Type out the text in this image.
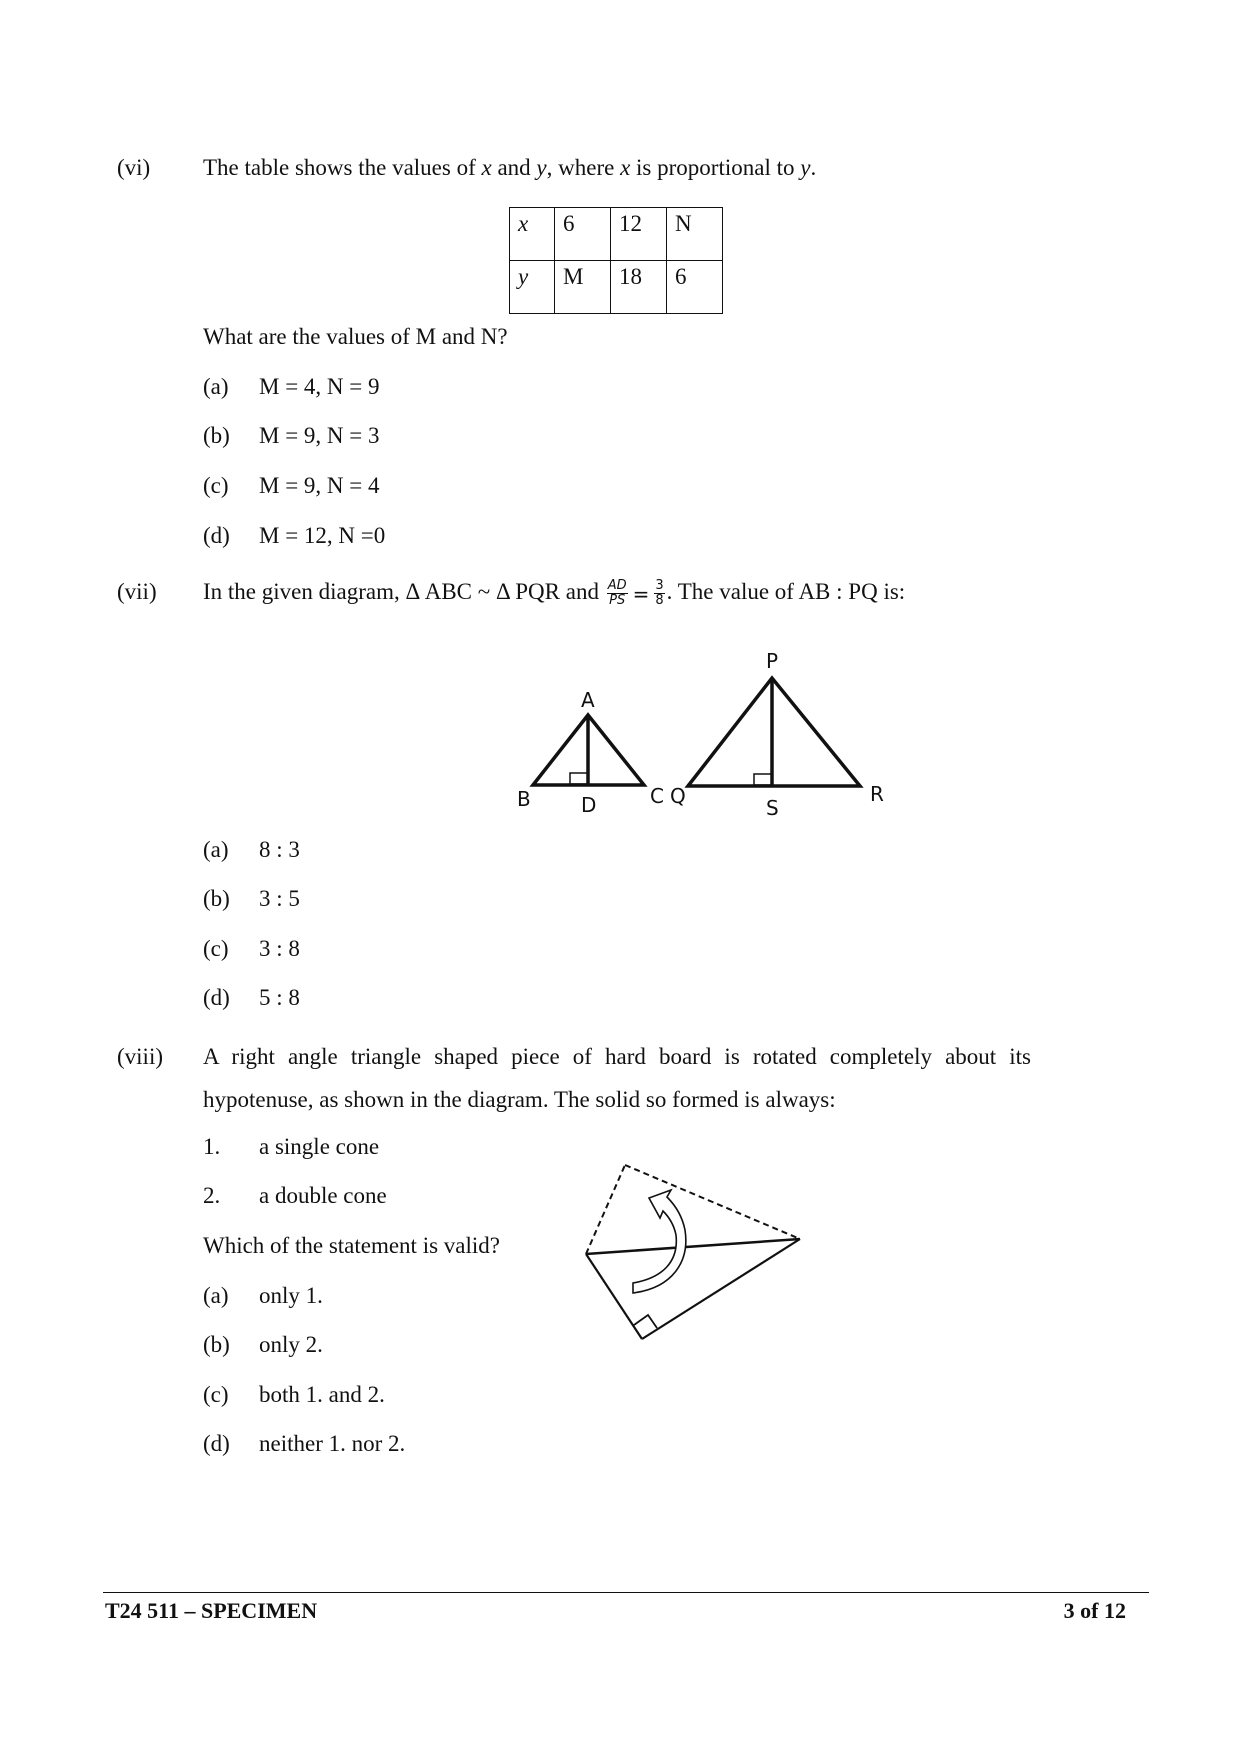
(vi) The table shows the values of x and y, where x is proportional to y.
x	6	12	N
y	M	18	6
What are the values of M and N?
(a) M = 4, N = 9
(b) M = 9, N = 3
(c) M = 9, N = 4
(d) M = 12, N =0
(vii) In the given diagram, Δ ABC ~ Δ PQR and $\frac{AD}{PS} = \frac{3}{8}$ . The value of AB : PQ is:
A
B	C
D
P
Q	R
S
(a) 8 : 3
(b) 3 : 5
(c) 3 : 8
(d) 5 : 8
(viii) A right angle triangle shaped piece of hard board is rotated completely about its
hypotenuse, as shown in the diagram. The solid so formed is always:
1. a single cone
2. a double cone
Which of the statement is valid?
(a) only 1.
(b) only 2.
(c) both 1. and 2.
(d) neither 1. nor 2.
T24 511 – SPECIMEN	3 of 12
